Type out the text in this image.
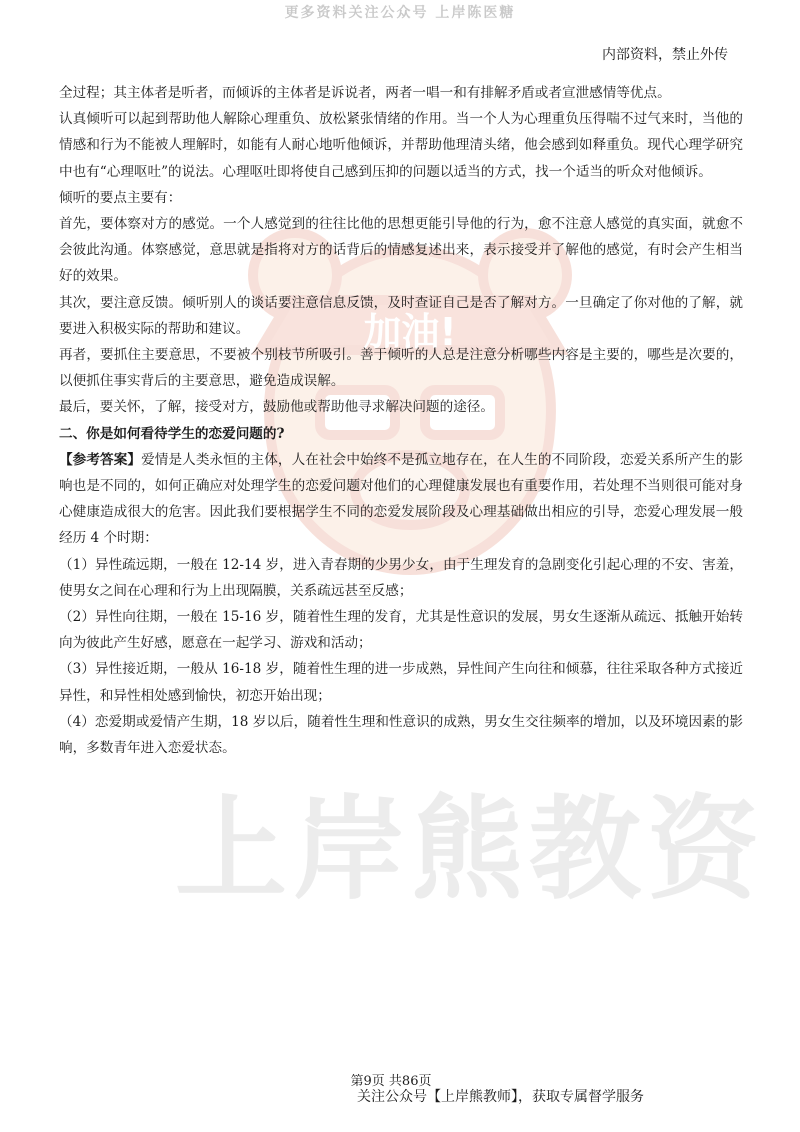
更多资料关注公众号 上岸陈医糖
内部资料，禁止外传
加油!
上岸熊教资

全过程；其主体者是听者，而倾诉的主体者是诉说者，两者一唱一和有排解矛盾或者宣泄感情等优点。

认真倾听可以起到帮助他人解除心理重负、放松紧张情绪的作用。当一个人为心理重负压得喘不过气来时，当他的情感和行为不能被人理解时，如能有人耐心地听他倾诉，并帮助他理清头绪，他会感到如释重负。现代心理学研究中也有“心理呕吐”的说法。心理呕吐即将使自己感到压抑的问题以适当的方式，找一个适当的听众对他倾诉。

倾听的要点主要有：

首先，要体察对方的感觉。一个人感觉到的往往比他的思想更能引导他的行为，愈不注意人感觉的真实面，就愈不会彼此沟通。体察感觉，意思就是指将对方的话背后的情感复述出来，表示接受并了解他的感觉，有时会产生相当好的效果。

其次，要注意反馈。倾听别人的谈话要注意信息反馈，及时查证自己是否了解对方。一旦确定了你对他的了解，就要进入积极实际的帮助和建议。

再者，要抓住主要意思，不要被个别枝节所吸引。善于倾听的人总是注意分析哪些内容是主要的，哪些是次要的，以便抓住事实背后的主要意思，避免造成误解。

最后，要关怀，了解，接受对方，鼓励他或帮助他寻求解决问题的途径。

二、你是如何看待学生的恋爱问题的?

【参考答案】爱情是人类永恒的主体，人在社会中始终不是孤立地存在，在人生的不同阶段，恋爱关系所产生的影响也是不同的，如何正确应对处理学生的恋爱问题对他们的心理健康发展也有重要作用，若处理不当则很可能对身心健康造成很大的危害。因此我们要根据学生不同的恋爱发展阶段及心理基础做出相应的引导，恋爱心理发展一般经历 4 个时期：

（1）异性疏远期，一般在 12-14 岁，进入青春期的少男少女，由于生理发育的急剧变化引起心理的不安、害羞，使男女之间在心理和行为上出现隔膜，关系疏远甚至反感；

（2）异性向往期，一般在 15-16 岁，随着性生理的发育，尤其是性意识的发展，男女生逐渐从疏远、抵触开始转向为彼此产生好感，愿意在一起学习、游戏和活动；

（3）异性接近期，一般从 16-18 岁，随着性生理的进一步成熟，异性间产生向往和倾慕，往往采取各种方式接近异性，和异性相处感到愉快，初恋开始出现；

（4）恋爱期或爱情产生期，18 岁以后，随着性生理和性意识的成熟，男女生交往频率的增加，以及环境因素的影响，多数青年进入恋爱状态。

第9页 共86页
关注公众号【上岸熊教师】，获取专属督学服务
